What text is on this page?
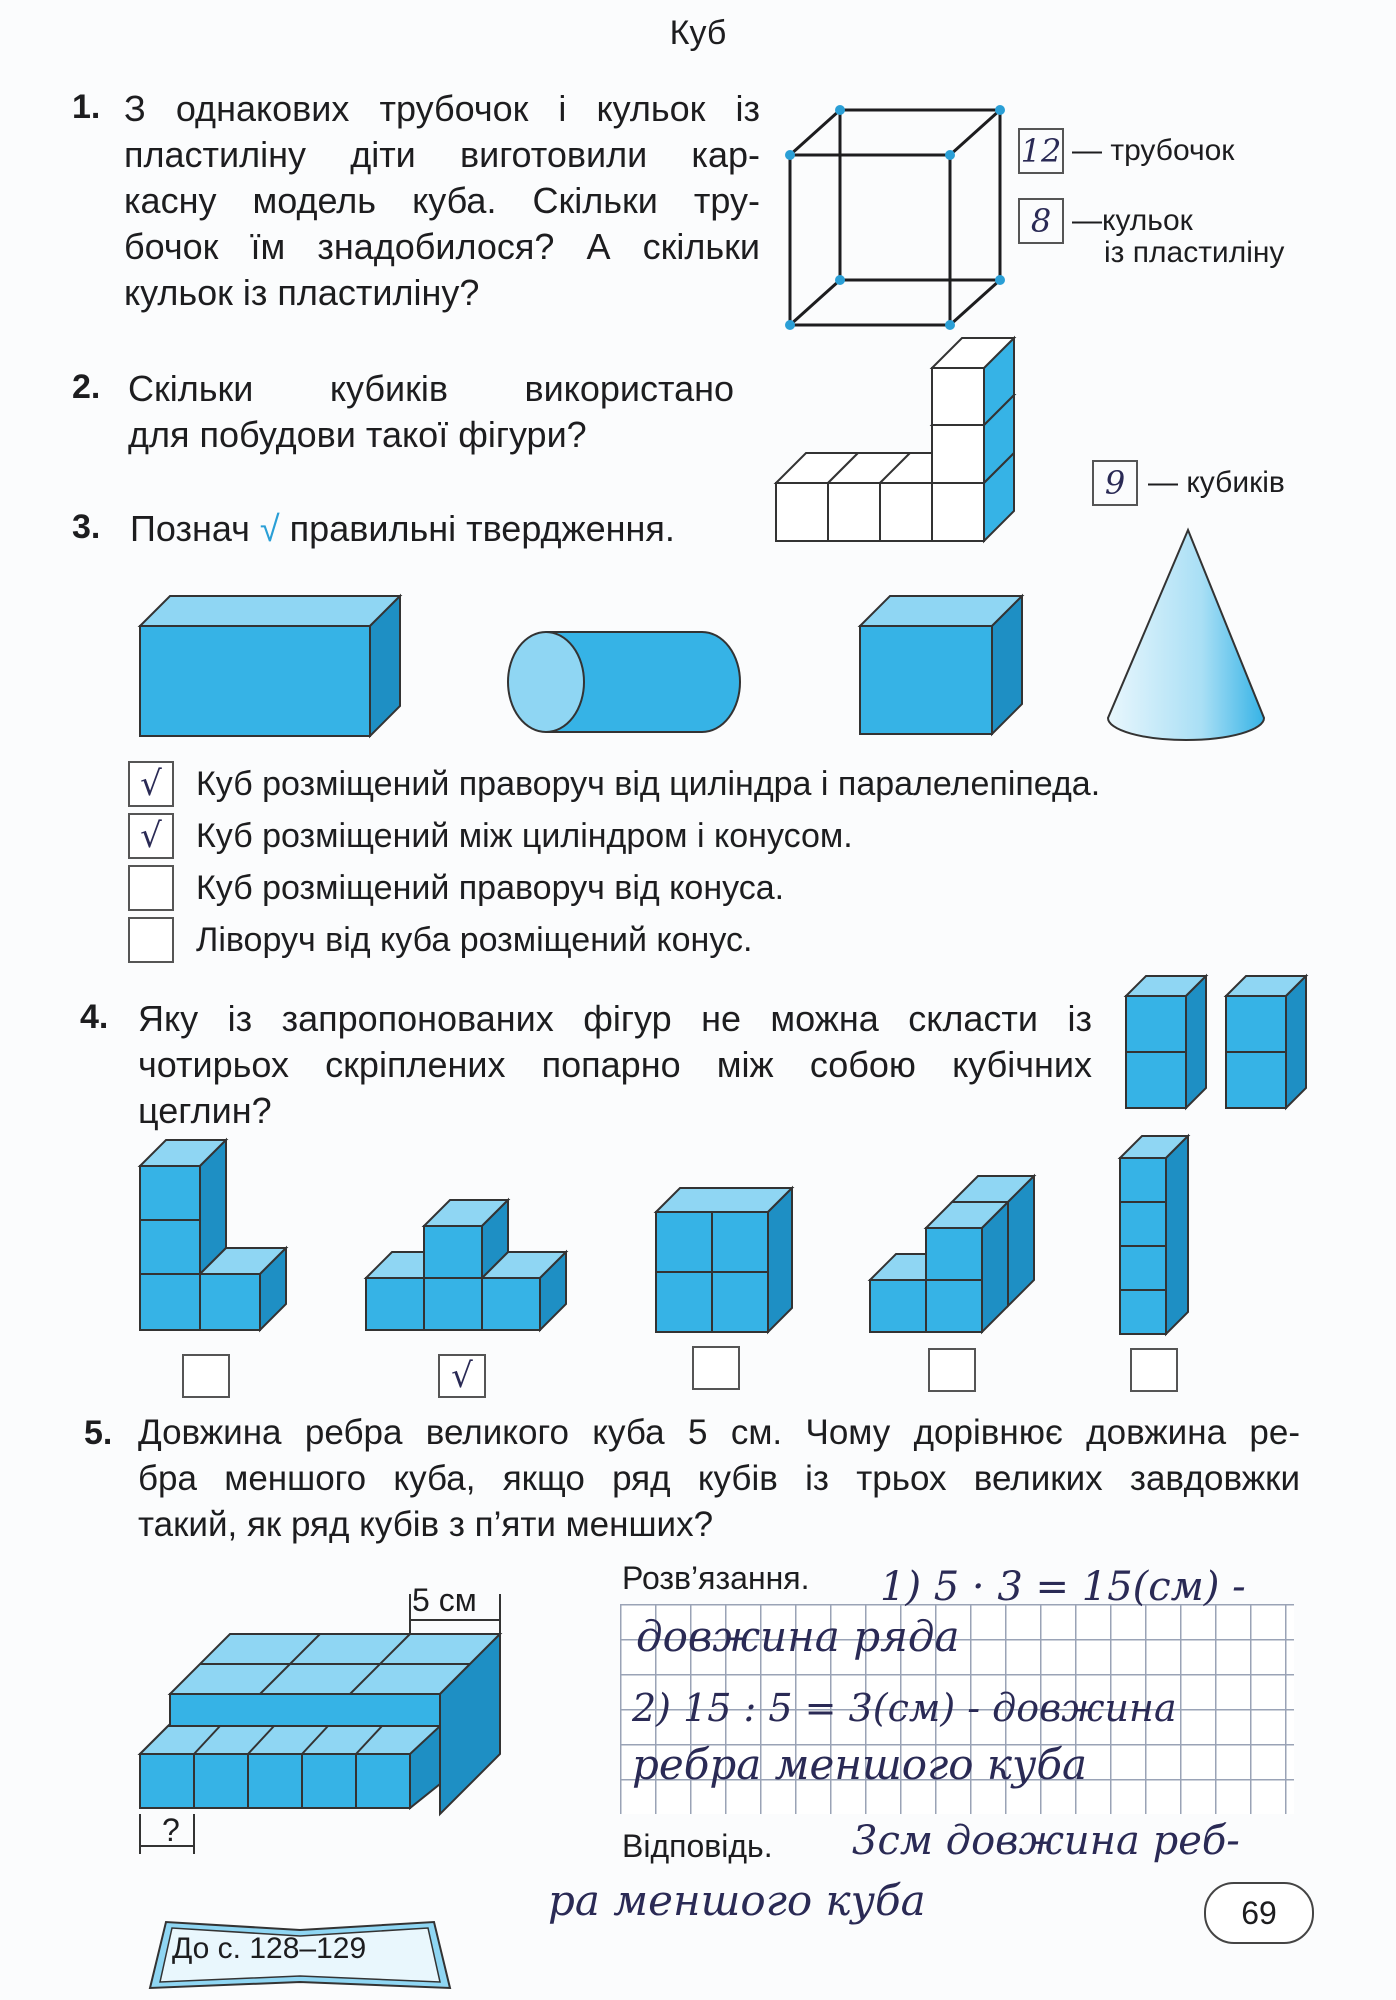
Куб
1. З однакових трубочок і кульок із

пластиліну діти виготовили кар-

касну модель куба. Скільки тру-

бочок їм знадобилося? А скільки

кульок із пластиліну?

12 — трубочок
8 —кульок
із пластиліну
2. Скільки кубиків використано

для побудови такої фігури?

9 — кубиків
3. Познач √ правильні твердження.
√ Куб розміщений праворуч від циліндра і паралелепіпеда.
√ Куб розміщений між циліндром і конусом.
Куб розміщений праворуч від конуса.
Ліворуч від куба розміщений конус.
4. Яку із запропонованих фігур не можна скласти із

чотирьох скріплених попарно між собою кубічних

цеглин?

√
5. Довжина ребра великого куба 5 см. Чому дорівнює довжина ре-

бра меншого куба, якщо ряд кубів із трьох великих завдовжки

такий, як ряд кубів з п’яти менших?

5 см
?
Розв’язання. 1) 5 · 3 = 15(см) -
довжина ряда
2) 15 : 5 = 3(см) - довжина
ребра меншого куба
Відповідь. 3см довжина реб-
ра меншого куба	69
До с. 128–129
